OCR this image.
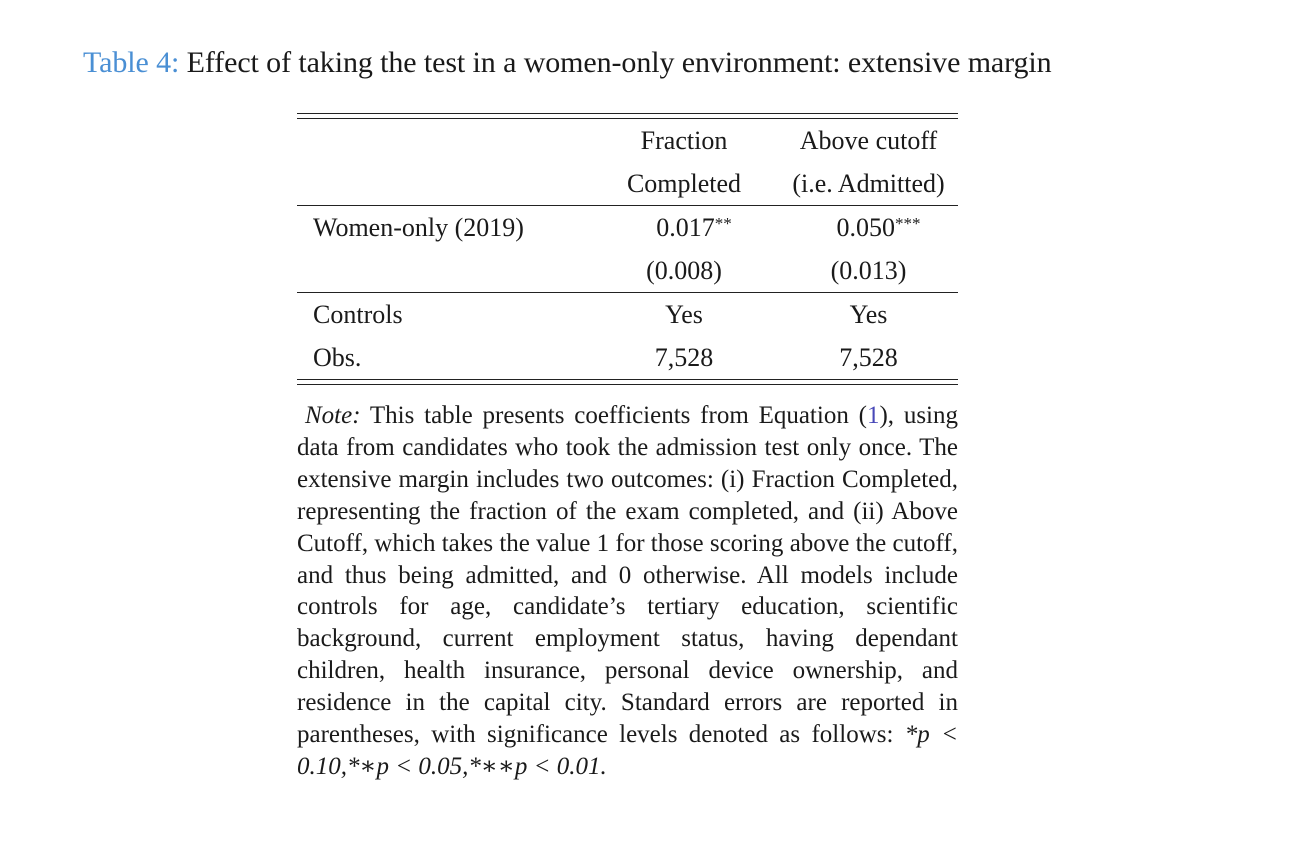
Table 4: Effect of taking the test in a women-only environment: extensive margin
	Fraction	Above cutoff
	Completed	(i.e. Admitted)
Women-only (2019)	0.017**	0.050***
	(0.008)	(0.013)
Controls	Yes	Yes
Obs.	7,528	7,528
Note: This table presents coefficients from Equation (1), using data from candidates who took the admission test only once. The extensive margin includes two outcomes: (i) Fraction Completed, representing the fraction of the exam completed, and (ii) Above Cutoff, which takes the value 1 for those scoring above the cutoff, and thus being admitted, and 0 otherwise. All models include controls for age, candidate’s tertiary education, scientific background, current employment status, having dependant children, health insurance, personal device ownership, and residence in the capital city. Standard errors are reported in parentheses, with significance levels denoted as follows: *p < 0.10,*∗p < 0.05,*∗∗p < 0.01.
